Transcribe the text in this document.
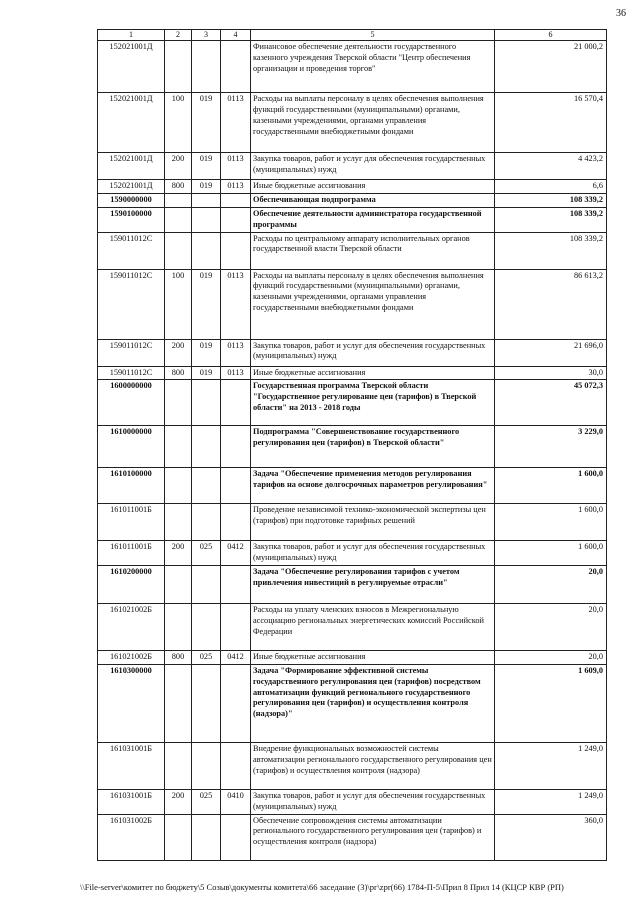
36
1	2	3	4	5	6
152021001Д				Финансовое обеспечение деятельности государственного казенного учреждения Тверской области "Центр обеспечения организации и проведения торгов"	21 000,2
152021001Д	100	019	0113	Расходы на выплаты персоналу в целях обеспечения выполнения функций государственными (муниципальными) органами, казенными учреждениями, органами управления государственными внебюджетными фондами	16 570,4
152021001Д	200	019	0113	Закупка товаров, работ и услуг для обеспечения государственных (муниципальных) нужд	4 423,2
152021001Д	800	019	0113	Иные бюджетные ассигнования	6,6
1590000000				Обеспечивающая подпрограмма	108 339,2
1590100000				Обеспечение деятельности администратора государственной программы	108 339,2
159011012С				Расходы по центральному аппарату исполнительных органов государственной власти Тверской области	108 339,2
159011012С	100	019	0113	Расходы на выплаты персоналу в целях обеспечения выполнения функций государственными (муниципальными) органами, казенными учреждениями, органами управления государственными внебюджетными фондами	86 613,2
159011012С	200	019	0113	Закупка товаров, работ и услуг для обеспечения государственных (муниципальных) нужд	21 696,0
159011012С	800	019	0113	Иные бюджетные ассигнования	30,0
1600000000				Государственная программа Тверской области "Государственное регулирование цен (тарифов) в Тверской области" на 2013 - 2018 годы	45 072,3
1610000000				Подпрограмма "Совершенствование государственного регулирования цен (тарифов) в Тверской области"	3 229,0
1610100000				Задача "Обеспечение применения методов регулирования тарифов на основе долгосрочных параметров регулирования"	1 600,0
161011001Б				Проведение независимой технико-экономической экспертизы цен (тарифов) при подготовке тарифных решений	1 600,0
161011001Б	200	025	0412	Закупка товаров, работ и услуг для обеспечения государственных (муниципальных) нужд	1 600,0
1610200000				Задача "Обеспечение регулирования тарифов с учетом привлечения инвестиций в регулируемые отрасли"	20,0
161021002Б				Расходы на уплату членских взносов в Межрегиональную ассоциацию региональных энергетических комиссий Российской Федерации	20,0
161021002Б	800	025	0412	Иные бюджетные ассигнования	20,0
1610300000				Задача "Формирование эффективной системы государственного регулирования цен (тарифов) посредством автоматизации функций регионального государственного регулирования цен (тарифов) и осуществления контроля (надзора)"	1 609,0
161031001Б				Внедрение функциональных возможностей системы автоматизации регионального государственного регулирования цен (тарифов) и осуществления контроля (надзора)	1 249,0
161031001Б	200	025	0410	Закупка товаров, работ и услуг для обеспечения государственных (муниципальных) нужд	1 249,0
161031002Б				Обеспечение сопровождения системы автоматизации регионального государственного регулирования цен (тарифов) и осуществления контроля (надзора)	360,0
\\File-server\комитет по бюджету\5 Созыв\документы комитета\66 заседание (3)\рг\zpr(66) 1784-П-5\Прил 8 Прил 14 (КЦСР КВР (РП)
